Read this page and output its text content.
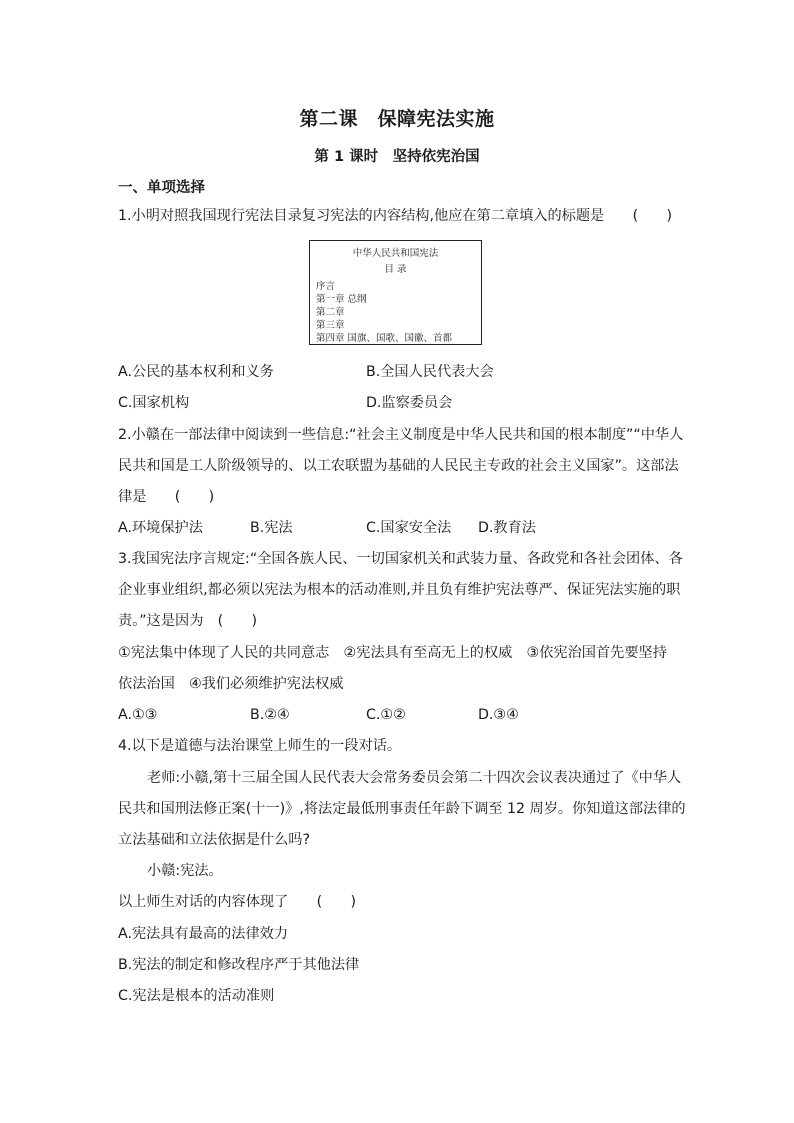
第二课　保障宪法实施
第 1 课时　坚持依宪治国
一、单项选择
1.小明对照我国现行宪法目录复习宪法的内容结构,他应在第二章填入的标题是　　(　　)
中华人民共和国宪法
目 录
序言
第一章 总纲
第二章
第三章
第四章 国旗、国歌、国徽、首都
A.公民的基本权利和义务	B.全国人民代表大会
C.国家机构	D.监察委员会
2.小赣在一部法律中阅读到一些信息:“社会主义制度是中华人民共和国的根本制度”“中华人
民共和国是工人阶级领导的、以工农联盟为基础的人民民主专政的社会主义国家”。这部法
律是　　(　　)
A.环境保护法	B.宪法	C.国家安全法 D.教育法
3.我国宪法序言规定:“全国各族人民、一切国家机关和武装力量、各政党和各社会团体、各
企业事业组织,都必须以宪法为根本的活动准则,并且负有维护宪法尊严、保证宪法实施的职
责。”这是因为　(　　)
①宪法集中体现了人民的共同意志　②宪法具有至高无上的权威　③依宪治国首先要坚持
依法治国　④我们必须维护宪法权威
A.①③	B.②④	C.①②	D.③④
4.以下是道德与法治课堂上师生的一段对话。
老师:小赣,第十三届全国人民代表大会常务委员会第二十四次会议表决通过了《中华人
民共和国刑法修正案(十一)》,将法定最低刑事责任年龄下调至 12 周岁。你知道这部法律的
立法基础和立法依据是什么吗?
小赣:宪法。
以上师生对话的内容体现了　　(　　)
A.宪法具有最高的法律效力
B.宪法的制定和修改程序严于其他法律
C.宪法是根本的活动准则
